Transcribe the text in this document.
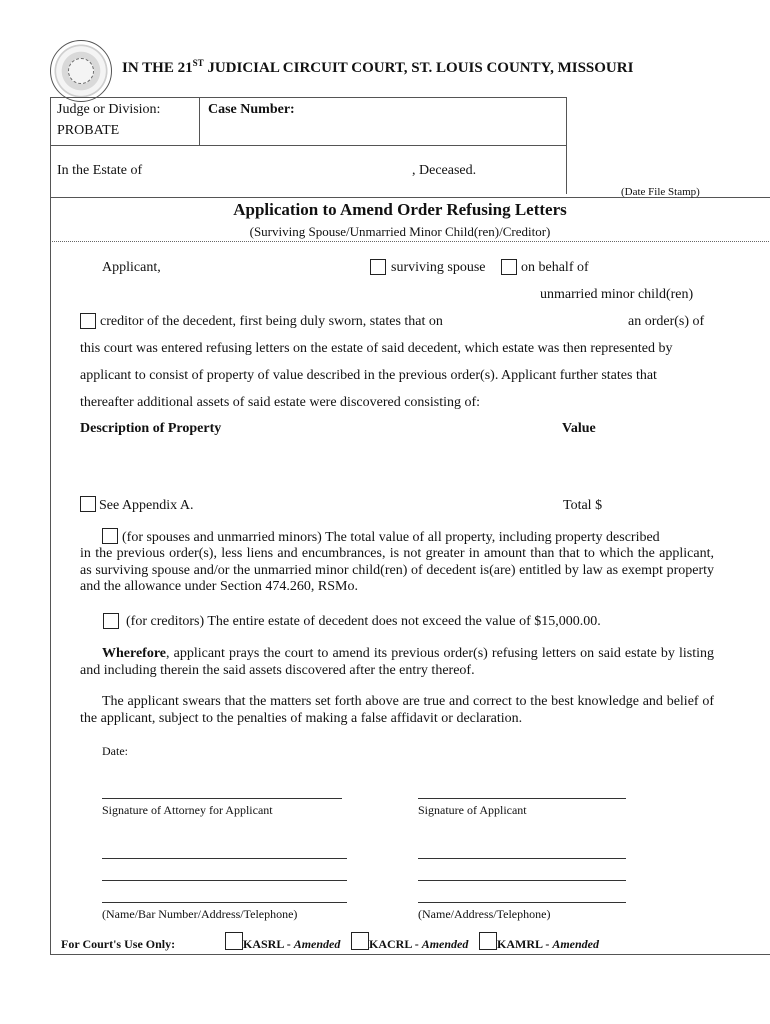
IN THE 21ST JUDICIAL CIRCUIT COURT, ST. LOUIS COUNTY, MISSOURI
Judge or Division:
PROBATE
Case Number:
In the Estate of	, Deceased.
(Date File Stamp)
Application to Amend Order Refusing Letters
(Surviving Spouse/Unmarried Minor Child(ren)/Creditor)
Applicant,	surviving spouse	on behalf of
unmarried minor child(ren)
creditor of the decedent, first being duly sworn, states that on	an order(s) of
this court was entered refusing letters on the estate of said decedent, which estate was then represented by
applicant to consist of property of value described in the previous order(s). Applicant further states that
thereafter additional assets of said estate were discovered consisting of:
Description of Property	Value
See Appendix A.	Total $
(for spouses and unmarried minors) The total value of all property, including property described
in the previous order(s), less liens and encumbrances, is not greater in amount than that to which the applicant, as surviving spouse and/or the unmarried minor child(ren) of decedent is(are) entitled by law as exempt property and the allowance under Section 474.260, RSMo.
(for creditors) The entire estate of decedent does not exceed the value of $15,000.00.
Wherefore, applicant prays the court to amend its previous order(s) refusing letters on said estate by listing and including therein the said assets discovered after the entry thereof.
The applicant swears that the matters set forth above are true and correct to the best knowledge and belief of the applicant, subject to the penalties of making a false affidavit or declaration.
Date:
Signature of Attorney for Applicant	Signature of Applicant
(Name/Bar Number/Address/Telephone)	(Name/Address/Telephone)
For Court's Use Only:	KASRL - Amended KACRL - Amended KAMRL - Amended
